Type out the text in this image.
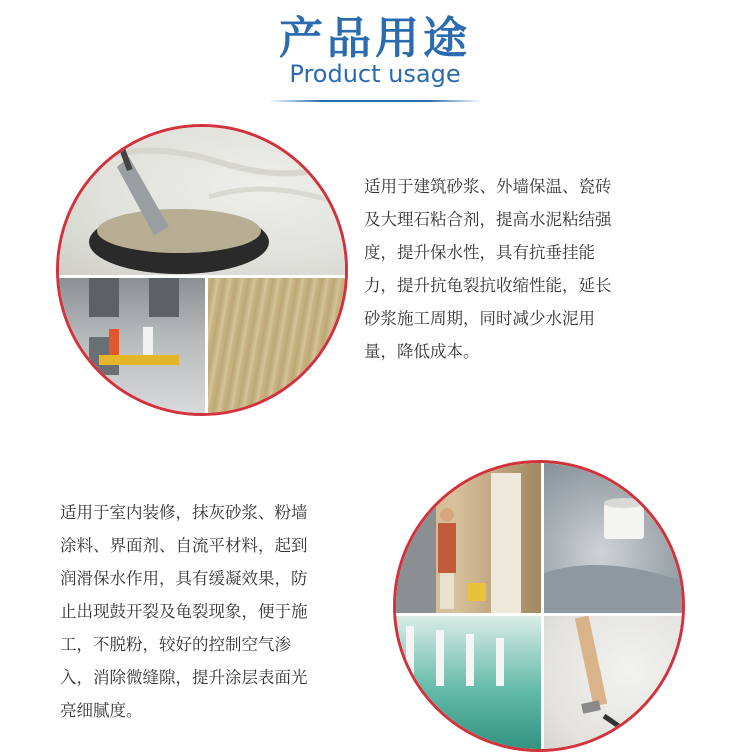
产品用途
Product usage
适用于建筑砂浆、外墙保温、瓷砖
及大理石粘合剂，提高水泥粘结强
度，提升保水性，具有抗垂挂能
力，提升抗龟裂抗收缩性能，延长
砂浆施工周期，同时减少水泥用
量，降低成本。
适用于室内装修，抹灰砂浆、粉墙
涂料、界面剂、自流平材料，起到
润滑保水作用，具有缓凝效果，防
止出现鼓开裂及龟裂现象，便于施
工，不脱粉，较好的控制空气渗
入，消除微缝隙，提升涂层表面光
亮细腻度。
